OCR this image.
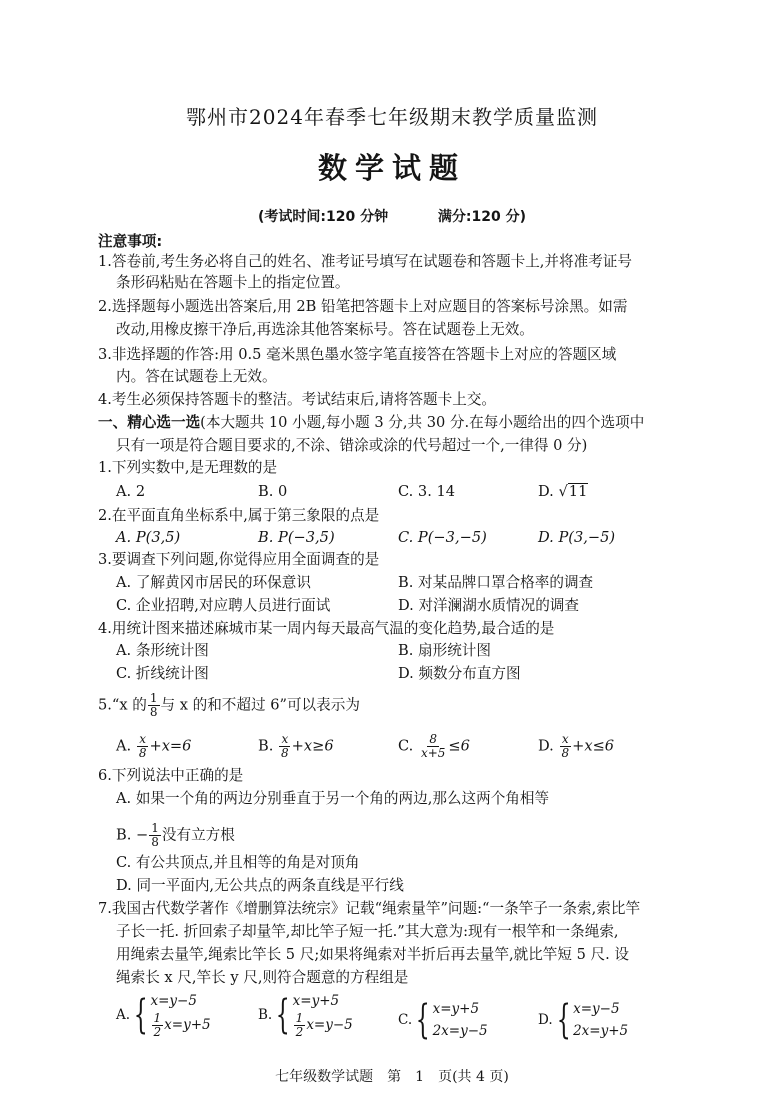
鄂州市2024年春季七年级期末教学质量监测
数学试题
(考试时间:120 分钟	满分:120 分)
注意事项:
1.答卷前,考生务必将自己的姓名、准考证号填写在试题卷和答题卡上,并将准考证号
条形码粘贴在答题卡上的指定位置。
2.选择题每小题选出答案后,用 2B 铅笔把答题卡上对应题目的答案标号涂黑。如需
改动,用橡皮擦干净后,再选涂其他答案标号。答在试题卷上无效。
3.非选择题的作答:用 0.5 毫米黑色墨水签字笔直接答在答题卡上对应的答题区域
内。答在试题卷上无效。
4.考生必须保持答题卡的整洁。考试结束后,请将答题卡上交。
一、精心选一选(本大题共 10 小题,每小题 3 分,共 30 分.在每小题给出的四个选项中
只有一项是符合题目要求的,不涂、错涂或涂的代号超过一个,一律得 0 分)
1.下列实数中,是无理数的是
A. 2	B. 0	C. 3. 14	D. √11
2.在平面直角坐标系中,属于第三象限的点是
A. P(3,5)	B. P(−3,5)	C. P(−3,−5)	D. P(3,−5)
3.要调查下列问题,你觉得应用全面调查的是
A. 了解黄冈市居民的环保意识	B. 对某品牌口罩合格率的调查
C. 企业招聘,对应聘人员进行面试	D. 对洋澜湖水质情况的调查
4.用统计图来描述麻城市某一周内每天最高气温的变化趋势,最合适的是
A. 条形统计图	B. 扇形统计图
C. 折线统计图	D. 频数分布直方图
5.“x 的 $\frac{1}{8}$ 与 x 的和不超过 6”可以表示为
A. $\frac{x}{8} +x=6$	B. $\frac{x}{8} +x\ge 6$	C. $\frac{8}{x+5} \le 6$	D. $\frac{x}{8} +x\le 6$
6.下列说法中正确的是
A. 如果一个角的两边分别垂直于另一个角的两边,那么这两个角相等
B. − $\frac{1}{8}$ 没有立方根
C. 有公共顶点,并且相等的角是对顶角
D. 同一平面内,无公共点的两条直线是平行线
7.我国古代数学著作《增删算法统宗》记载“绳索量竿”问题:“一条竿子一条索,索比竿
子长一托. 折回索子却量竿,却比竿子短一托.”其大意为:现有一根竿和一条绳索,
用绳索去量竿,绳索比竿长 5 尺;如果将绳索对半折后再去量竿,就比竿短 5 尺. 设
绳索长 x 尺,竿长 y 尺,则符合题意的方程组是
A. { x=y−5
$\frac{1}{2} x=y+5$
B. { x=y+5
$\frac{1}{2} x=y-5$	C. { x=y+5
2x=y−5
D. { x=y−5
2x=y+5
七年级数学试题　第　1　页(共 4 页)
